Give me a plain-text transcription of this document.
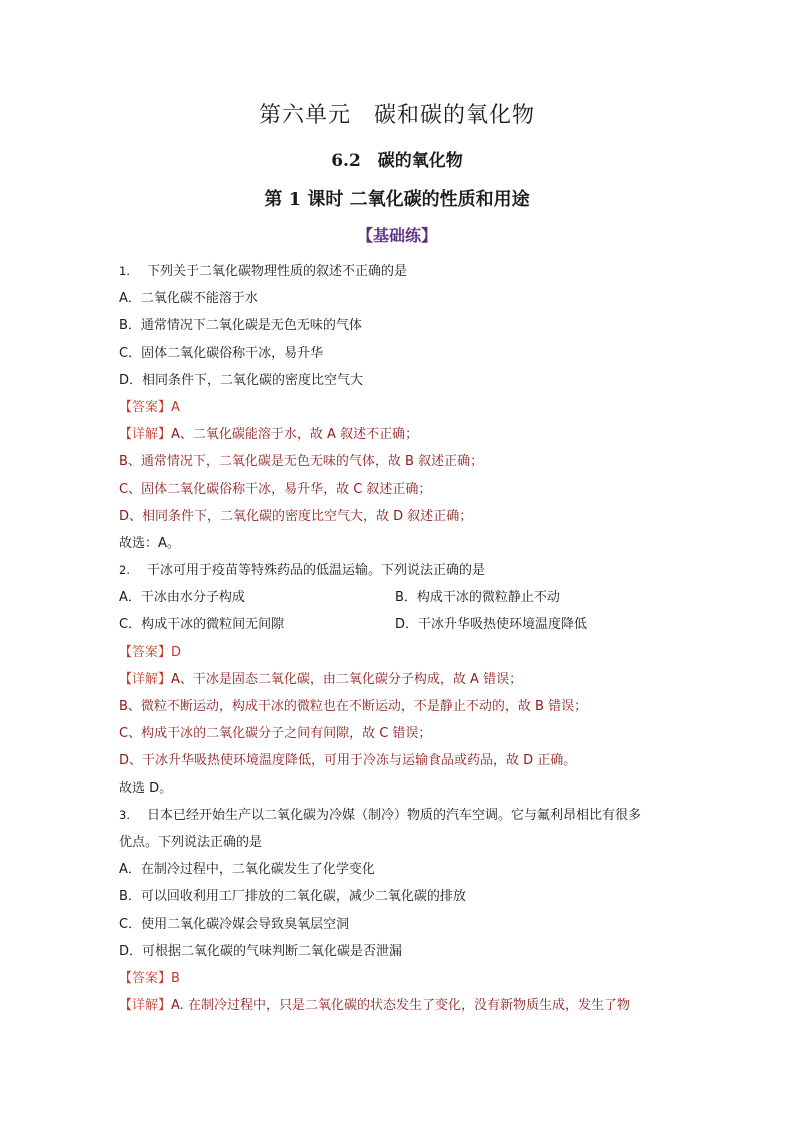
第六单元　碳和碳的氧化物
6.2　碳的氧化物
第 1 课时 二氧化碳的性质和用途
【基础练】
1. 下列关于二氧化碳物理性质的叙述不正确的是
A．二氧化碳不能溶于水
B．通常情况下二氧化碳是无色无味的气体
C．固体二氧化碳俗称干冰，易升华
D．相同条件下，二氧化碳的密度比空气大
【答案】A
【详解】A、二氧化碳能溶于水，故 A 叙述不正确；
B、通常情况下，二氧化碳是无色无味的气体，故 B 叙述正确；
C、固体二氧化碳俗称干冰，易升华，故 C 叙述正确；
D、相同条件下，二氧化碳的密度比空气大，故 D 叙述正确；
故选：A。
2. 干冰可用于疫苗等特殊药品的低温运输。下列说法正确的是
A．干冰由水分子构成	B．构成干冰的微粒静止不动
C．构成干冰的微粒间无间隙	D．干冰升华吸热使环境温度降低
【答案】D
【详解】A、干冰是固态二氧化碳，由二氧化碳分子构成，故 A 错误；
B、微粒不断运动，构成干冰的微粒也在不断运动，不是静止不动的，故 B 错误；
C、构成干冰的二氧化碳分子之间有间隙，故 C 错误；
D、干冰升华吸热使环境温度降低，可用于冷冻与运输食品或药品，故 D 正确。
故选 D。
3. 日本已经开始生产以二氧化碳为冷媒（制冷）物质的汽车空调。它与氟利昂相比有很多
优点。下列说法正确的是
A．在制冷过程中，二氧化碳发生了化学变化
B．可以回收利用工厂排放的二氧化碳，减少二氧化碳的排放
C．使用二氧化碳冷媒会导致臭氧层空洞
D．可根据二氧化碳的气味判断二氧化碳是否泄漏
【答案】B
【详解】A. 在制冷过程中，只是二氧化碳的状态发生了变化，没有新物质生成，发生了物
